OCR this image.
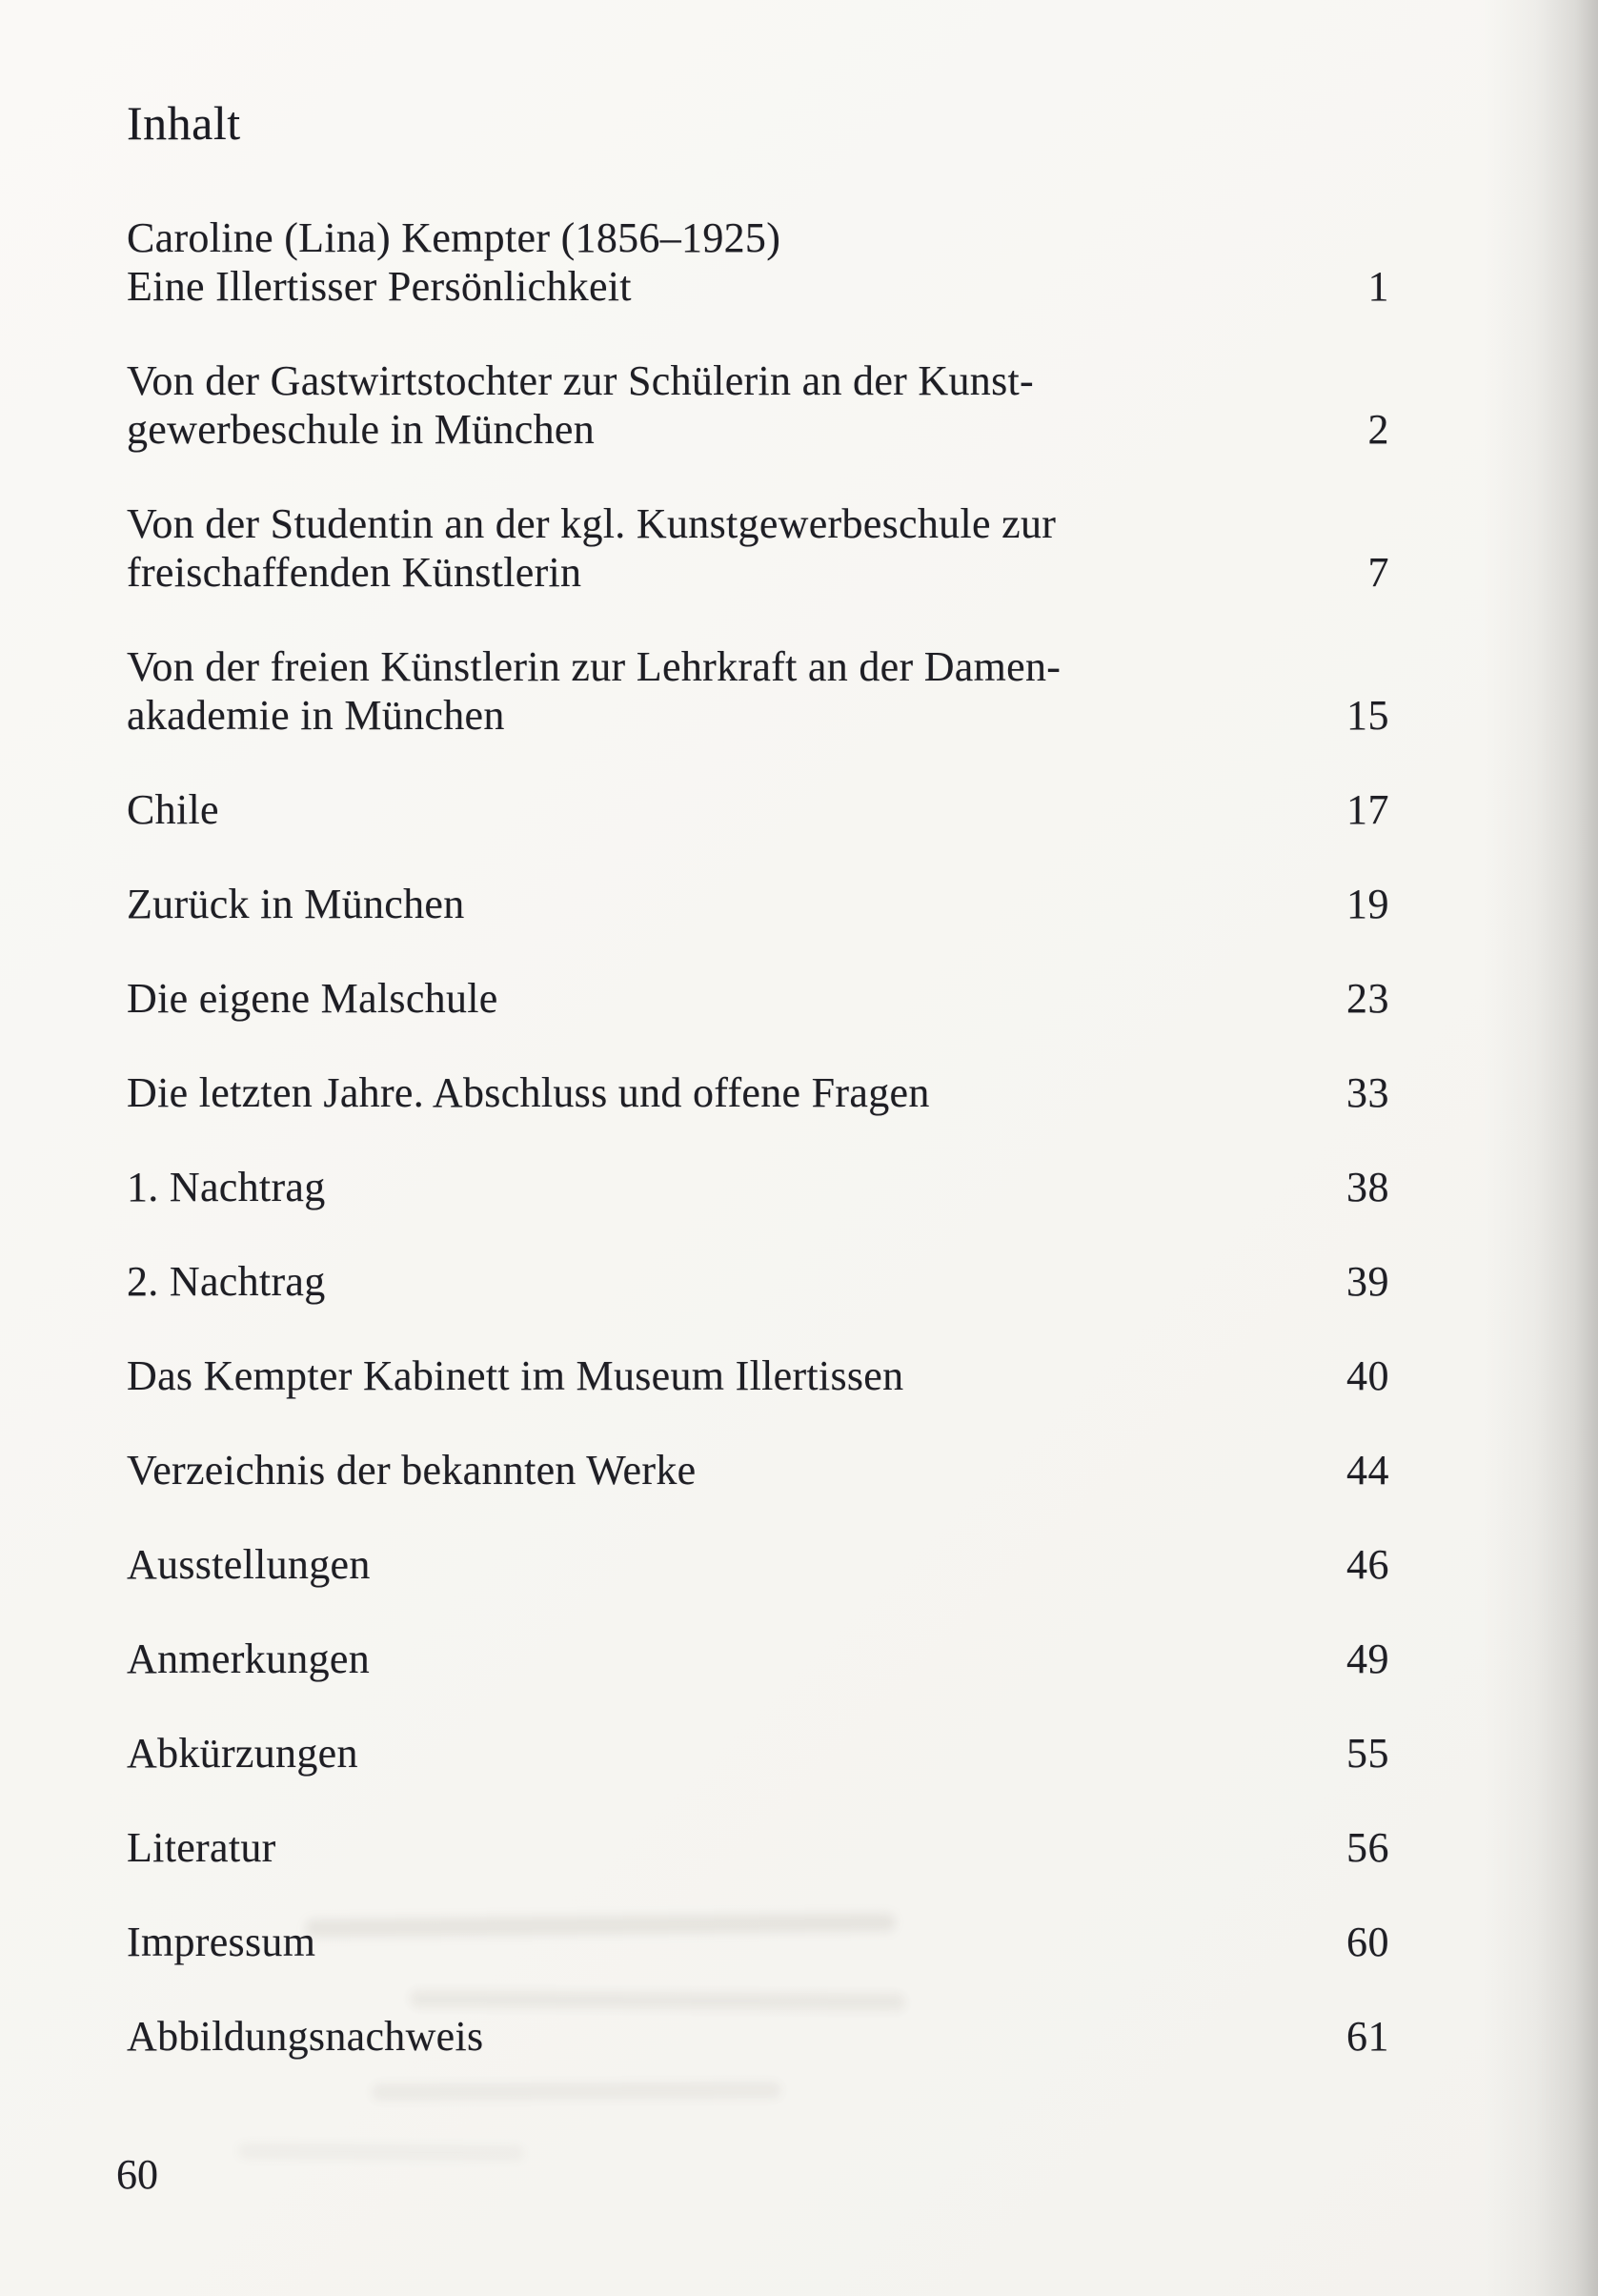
Inhalt
Caroline (Lina) Kempter (1856–1925)
Eine Illertisser Persönlichkeit	1
Von der Gastwirtstochter zur Schülerin an der Kunst-
gewerbeschule in München	2
Von der Studentin an der kgl. Kunstgewerbeschule zur
freischaffenden Künstlerin	7
Von der freien Künstlerin zur Lehrkraft an der Damen-
akademie in München	15
Chile	17
Zurück in München	19
Die eigene Malschule	23
Die letzten Jahre. Abschluss und offene Fragen	33
1. Nachtrag	38
2. Nachtrag	39
Das Kempter Kabinett im Museum Illertissen	40
Verzeichnis der bekannten Werke	44
Ausstellungen	46
Anmerkungen	49
Abkürzungen	55
Literatur	56
Impressum	60
Abbildungsnachweis	61
60
